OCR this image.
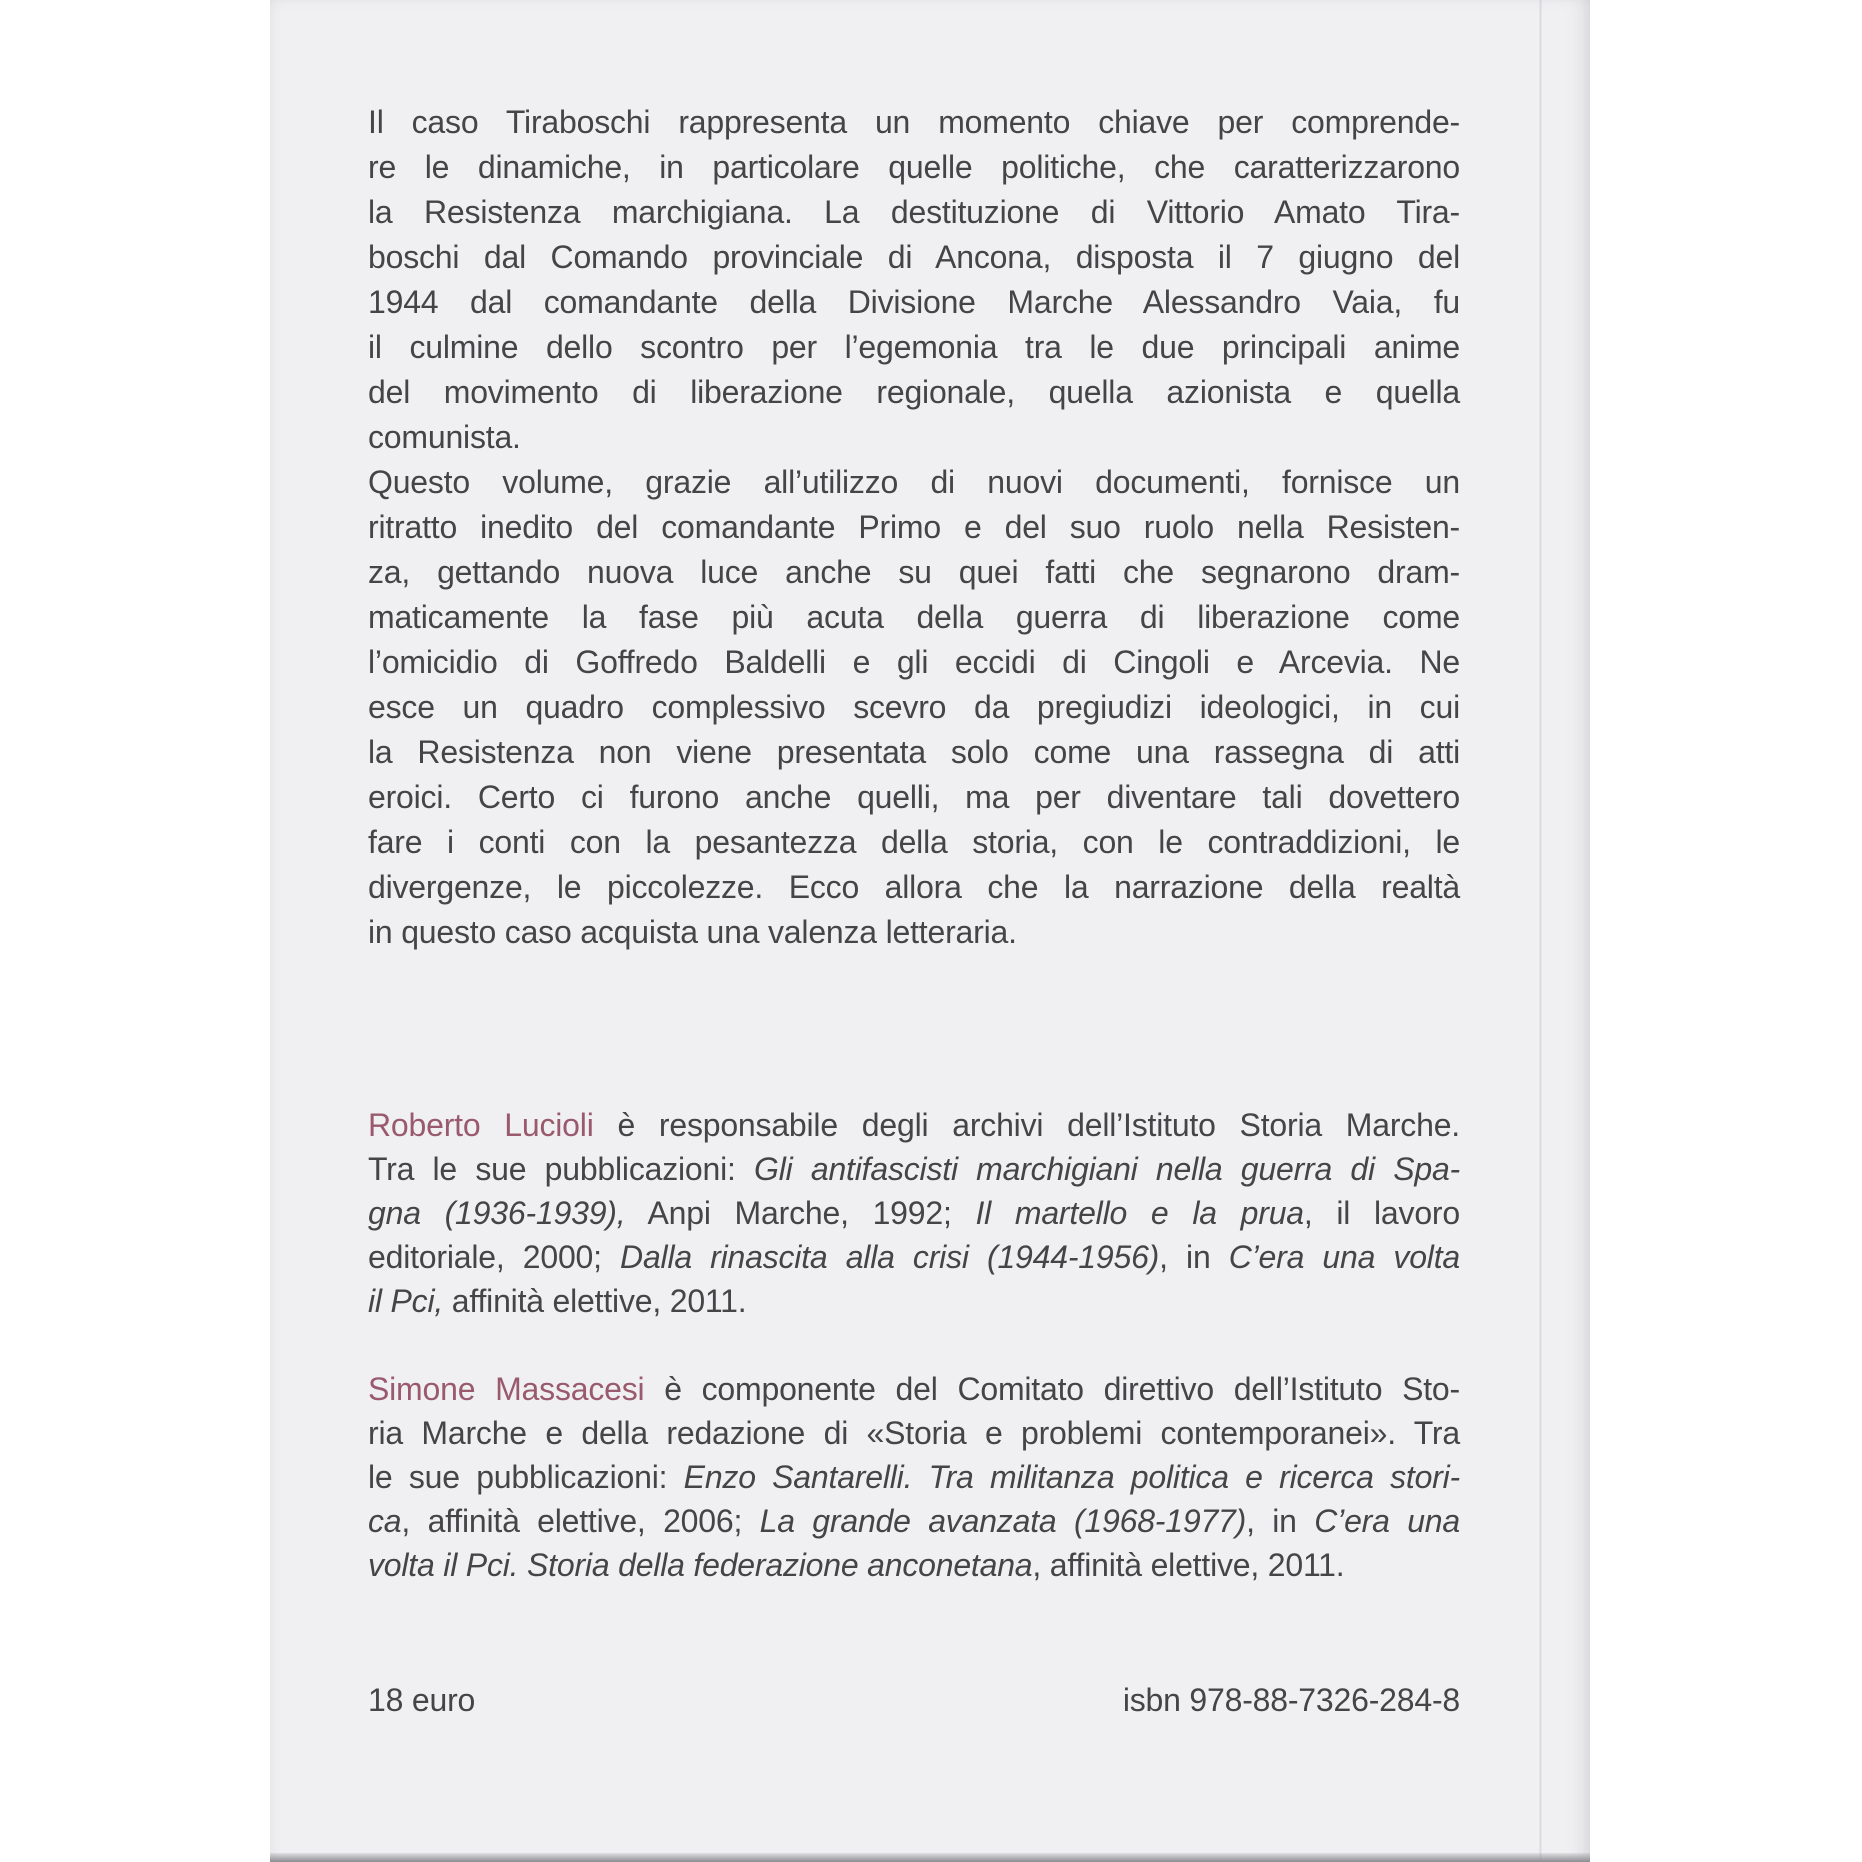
Il caso Tiraboschi rappresenta un momento chiave per comprende-
re le dinamiche, in particolare quelle politiche, che caratterizzarono
la Resistenza marchigiana. La destituzione di Vittorio Amato Tira-
boschi dal Comando provinciale di Ancona, disposta il 7 giugno del
1944 dal comandante della Divisione Marche Alessandro Vaia, fu
il culmine dello scontro per l’egemonia tra le due principali anime
del movimento di liberazione regionale, quella azionista e quella
comunista.
Questo volume, grazie all’utilizzo di nuovi documenti, fornisce un
ritratto inedito del comandante Primo e del suo ruolo nella Resisten-
za, gettando nuova luce anche su quei fatti che segnarono dram-
maticamente la fase più acuta della guerra di liberazione come
l’omicidio di Goffredo Baldelli e gli eccidi di Cingoli e Arcevia. Ne
esce un quadro complessivo scevro da pregiudizi ideologici, in cui
la Resistenza non viene presentata solo come una rassegna di atti
eroici. Certo ci furono anche quelli, ma per diventare tali dovettero
fare i conti con la pesantezza della storia, con le contraddizioni, le
divergenze, le piccolezze. Ecco allora che la narrazione della realtà
in questo caso acquista una valenza letteraria.
Roberto Lucioli è responsabile degli archivi dell’Istituto Storia Marche.
Tra le sue pubblicazioni: Gli antifascisti marchigiani nella guerra di Spa-
gna (1936-1939), Anpi Marche, 1992; Il martello e la prua, il lavoro
editoriale, 2000; Dalla rinascita alla crisi (1944-1956), in C’era una volta
il Pci, affinità elettive, 2011.
Simone Massacesi è componente del Comitato direttivo dell’Istituto Sto-
ria Marche e della redazione di «Storia e problemi contemporanei». Tra
le sue pubblicazioni: Enzo Santarelli. Tra militanza politica e ricerca stori-
ca, affinità elettive, 2006; La grande avanzata (1968-1977), in C’era una
volta il Pci. Storia della federazione anconetana, affinità elettive, 2011.
18 euro	isbn 978-88-7326-284-8
